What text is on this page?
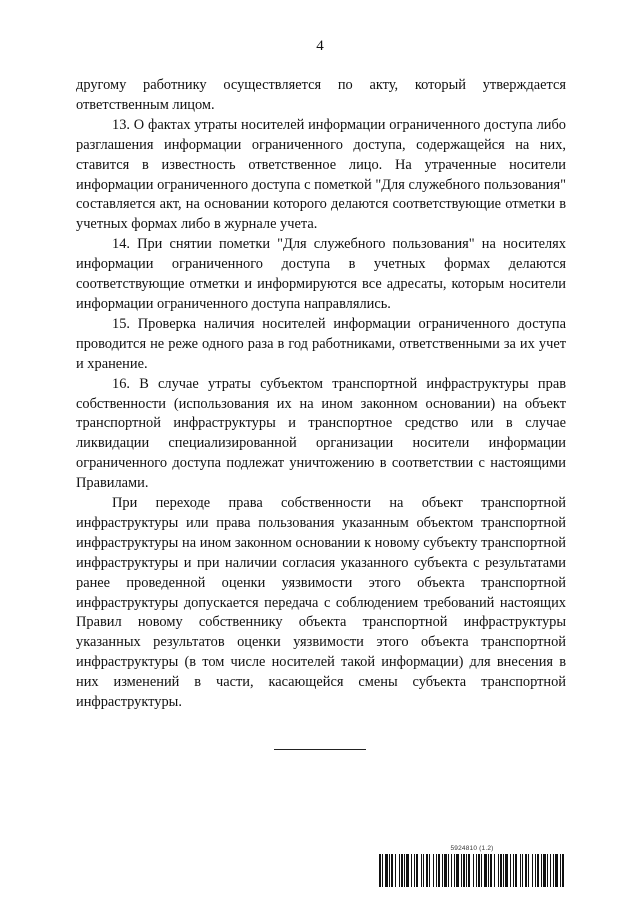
4

другому работнику осуществляется по акту, который утверждается ответственным лицом.

13. О фактах утраты носителей информации ограниченного доступа либо разглашения информации ограниченного доступа, содержащейся на них, ставится в известность ответственное лицо. На утраченные носители информации ограниченного доступа с пометкой "Для служебного пользования" составляется акт, на основании которого делаются соответствующие отметки в учетных формах либо в журнале учета.

14. При снятии пометки "Для служебного пользования" на носителях информации ограниченного доступа в учетных формах делаются соответствующие отметки и информируются все адресаты, которым носители информации ограниченного доступа направлялись.

15. Проверка наличия носителей информации ограниченного доступа проводится не реже одного раза в год работниками, ответственными за их учет и хранение.

16. В случае утраты субъектом транспортной инфраструктуры прав собственности (использования их на ином законном основании) на объект транспортной инфраструктуры и транспортное средство или в случае ликвидации специализированной организации носители информации ограниченного доступа подлежат уничтожению в соответствии с настоящими Правилами.

При переходе права собственности на объект транспортной инфраструктуры или права пользования указанным объектом транспортной инфраструктуры на ином законном основании к новому субъекту транспортной инфраструктуры и при наличии согласия указанного субъекта с результатами ранее проведенной оценки уязвимости этого объекта транспортной инфраструктуры допускается передача с соблюдением требований настоящих Правил новому собственнику объекта транспортной инфраструктуры указанных результатов оценки уязвимости этого объекта транспортной инфраструктуры (в том числе носителей такой информации) для внесения в них изменений в части, касающейся смены субъекта транспортной инфраструктуры.

5924810 (1.2)
